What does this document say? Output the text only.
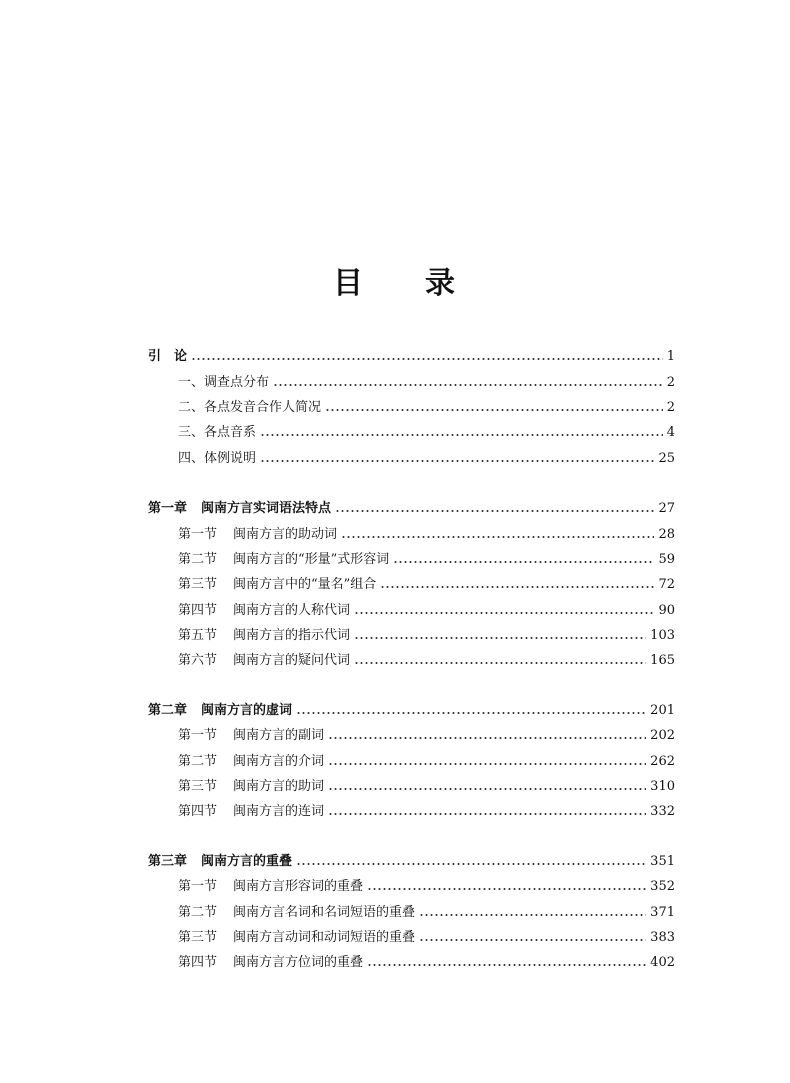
目 录
引　论	1
一、调查点分布	2
二、各点发音合作人简况	2
三、各点音系	4
四、体例说明	25
第一章 闽南方言实词语法特点	27
第一节 闽南方言的助动词	28
第二节 闽南方言的“形量”式形容词	59
第三节 闽南方言中的“量名”组合	72
第四节 闽南方言的人称代词	90
第五节 闽南方言的指示代词	103
第六节 闽南方言的疑问代词	165
第二章 闽南方言的虚词	201
第一节 闽南方言的副词	202
第二节 闽南方言的介词	262
第三节 闽南方言的助词	310
第四节 闽南方言的连词	332
第三章 闽南方言的重叠	351
第一节 闽南方言形容词的重叠	352
第二节 闽南方言名词和名词短语的重叠	371
第三节 闽南方言动词和动词短语的重叠	383
第四节 闽南方言方位词的重叠	402
